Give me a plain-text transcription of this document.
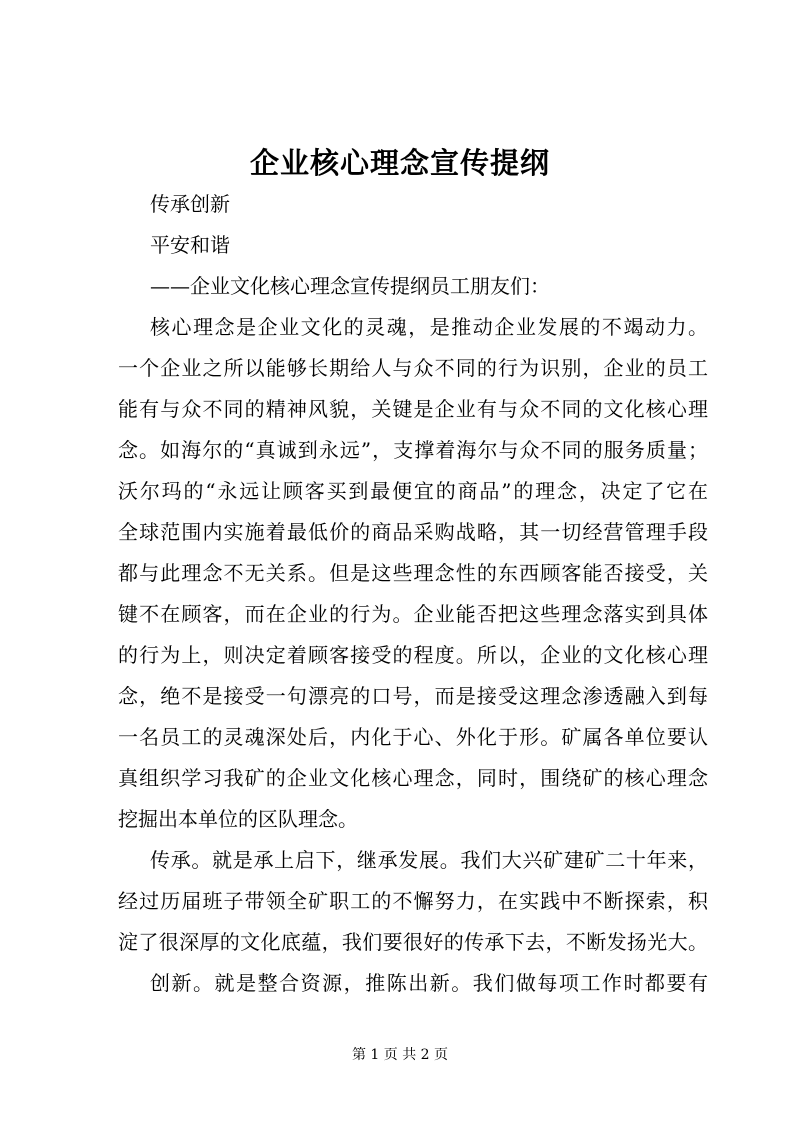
企业核心理念宣传提纲
传承创新
平安和谐
——企业文化核心理念宣传提纲员工朋友们：
核心理念是企业文化的灵魂，是推动企业发展的不竭动力。
一个企业之所以能够长期给人与众不同的行为识别，企业的员工
能有与众不同的精神风貌，关键是企业有与众不同的文化核心理
念。如海尔的“真诚到永远”，支撑着海尔与众不同的服务质量；
沃尔玛的“永远让顾客买到最便宜的商品”的理念，决定了它在
全球范围内实施着最低价的商品采购战略，其一切经营管理手段
都与此理念不无关系。但是这些理念性的东西顾客能否接受，关
键不在顾客，而在企业的行为。企业能否把这些理念落实到具体
的行为上，则决定着顾客接受的程度。所以，企业的文化核心理
念，绝不是接受一句漂亮的口号，而是接受这理念渗透融入到每
一名员工的灵魂深处后，内化于心、外化于形。矿属各单位要认
真组织学习我矿的企业文化核心理念，同时，围绕矿的核心理念
挖掘出本单位的区队理念。
传承。就是承上启下，继承发展。我们大兴矿建矿二十年来，
经过历届班子带领全矿职工的不懈努力，在实践中不断探索，积
淀了很深厚的文化底蕴，我们要很好的传承下去，不断发扬光大。
创新。就是整合资源，推陈出新。我们做每项工作时都要有
第 1 页 共 2 页
